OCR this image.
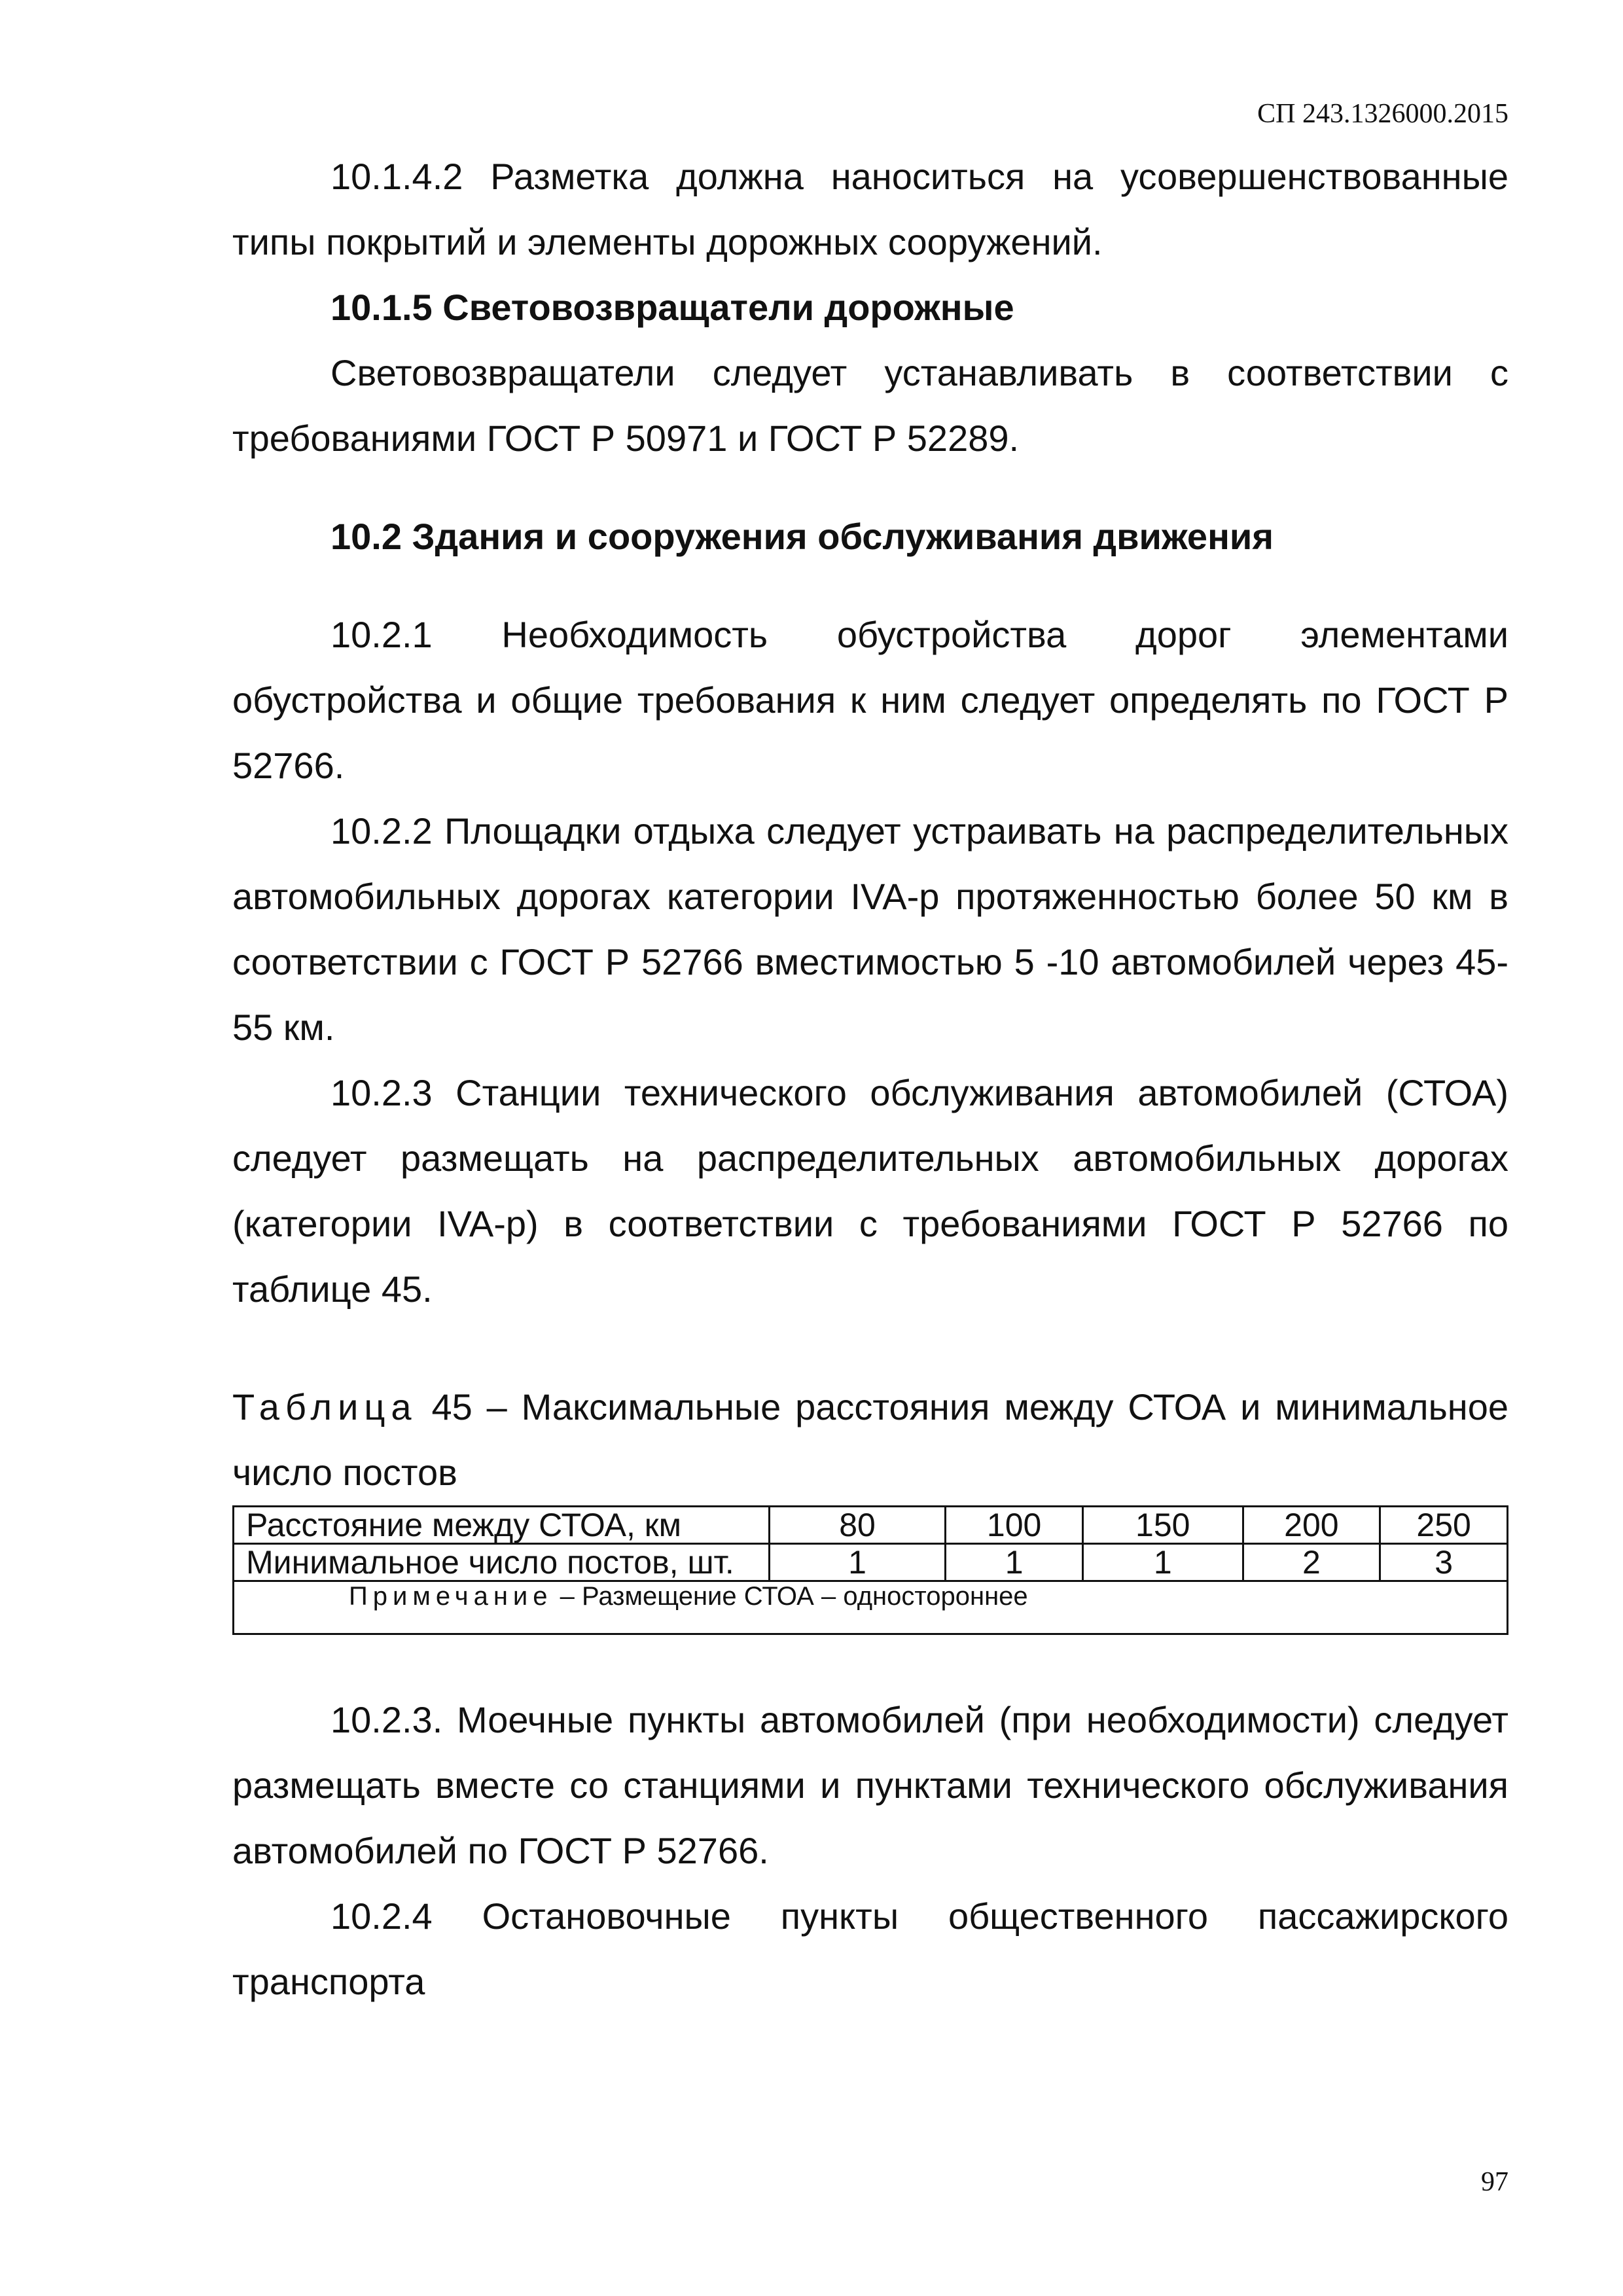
СП 243.1326000.2015

10.1.4.2 Разметка должна наноситься на усовершенствованные типы покрытий и элементы дорожных сооружений.

10.1.5 Световозвращатели дорожные

Световозвращатели следует устанавливать в соответствии с требованиями ГОСТ Р 50971 и ГОСТ Р 52289.

10.2 Здания и сооружения обслуживания движения

10.2.1 Необходимость обустройства дорог элементами обустройства и общие требования к ним следует определять по ГОСТ Р 52766.

10.2.2 Площадки отдыха следует устраивать на распределительных автомобильных дорогах категории IVA-р протяженностью более 50 км в соответствии с ГОСТ Р 52766 вместимостью 5 -10 автомобилей через 45-55 км.

10.2.3 Станции технического обслуживания автомобилей (СТОА) следует размещать на распределительных автомобильных дорогах (категории IVA-р) в соответствии с требованиями ГОСТ Р 52766 по таблице 45.

Таблица 45 – Максимальные расстояния между СТОА и минимальное число постов

Расстояние между СТОА, км	80	100	150	200	250
Минимальное число постов, шт.	1	1	1	2	3
Примечание – Размещение СТОА – одностороннее					

10.2.3. Моечные пункты автомобилей (при необходимости) следует размещать вместе со станциями и пунктами технического обслуживания автомобилей по ГОСТ Р 52766.

10.2.4 Остановочные пункты общественного пассажирского транспорта

97
